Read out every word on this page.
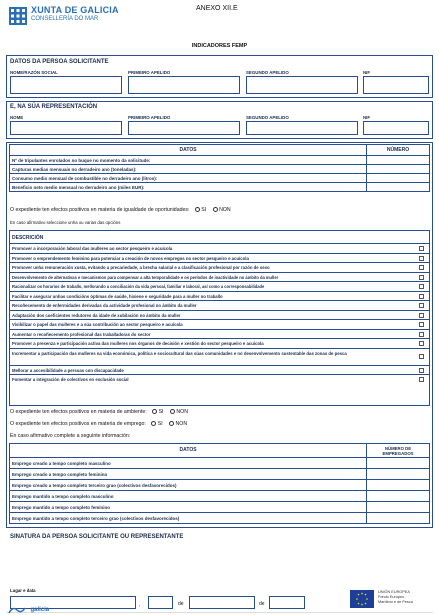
XUNTA DE GALICIA
CONSELLERÍA DO MAR
ANEXO XII.E
INDICADORES FEMP
DATOS DA PERSOA SOLICITANTE
NOME/RAZÓN SOCIAL	PRIMEIRO APELIDO	SEGUNDO APELIDO	NIF
E, NA SÚA REPRESENTACIÓN
NOME	PRIMEIRO APELIDO	SEGUNDO APELIDO	NIF
DATOS	NÚMERO
Nº de tripulantes enrolados no buque no momento da solicitude:	
Capturas medias mensuais no derradeiro ano (toneladas):	
Consumo medio mensual de combustible no derradeiro ano (litros):	
Beneficio neto medio mensual no derradeiro ano (miles EUR):	
O expediente ten efectos positivos en materia de igualdade de oportunidades: SI NON
En caso afirmativo seleccione unha ou varias das opcións
DESCRICIÓN
Promover a incorporación laboral das mulleres ao sector pesqueiro e acuícola
Promover o emprendemento feminino para potenciar a creación de novos empregos no sector pesqueiro e acuícola
Promover unha remuneración xusta, evitando a precariedade, a brecha salarial e a clasificación profesional por razón de sexo
Desenvolvemento de alternativas e mecanismos para compensar a alta temporalidade e os períodos de inactividade no ámbito da muller
Racionalizar os horarios de traballo, mellorando a conciliación da vida persoal, familiar e laboral, así como a corresponsabilidade
Facilitar e asegurar unhas condicións óptimas de saúde, hixiene e seguridade para a muller no traballo
Recoñecemento de enfermidades derivadas da actividade profesional no ámbito da muller
Adaptación dos coeficientes redutores da idade de xubilación no ámbito da muller
Visibilizar o papel das mulleres e a súa contribución ao sector pesqueiro e acuícola
Aumentar o recoñecemento profesional das traballadoras do sector
Promover a presenza e participación activa das mulleres nos órganos de decisión e xestión do sector pesqueiro e acuícola
Incrementar a participación das mulleres na vida económica, política e sociocultural das súas comunidades e no desenvolvemento sustentable das zonas de pesca
Mellorar a accesibilidade a persoas con discapacidade
Fomentar a integración de colectivos en exclusión social
O expediente ten efectos positivos en materia de ambiente: SI NON
O expediente ten efectos positivos en materia de emprego: SI NON
En caso afirmativo complete a seguinte información:
DATOS	NÚMERO DE EMPREGADOS
Emprego creado a tempo completo masculino	
Emprego creado a tempo completo feminino	
Emprego creado a tempo completo terceiro grao (colectivos desfavorecidos)	
Emprego mantido a tempo completo masculino	
Emprego mantido a tempo completo feminino	
Emprego mantido a tempo completo terceiro grao (colectivos desfavorecidos)	
SINATURA DA PERSOA SOLICITANTE OU REPRESENTANTE
Lugar e data
,	de	de
galicia
UNIÓN EUROPEA
Fondo Europeo
Marítimo e de Pesca
